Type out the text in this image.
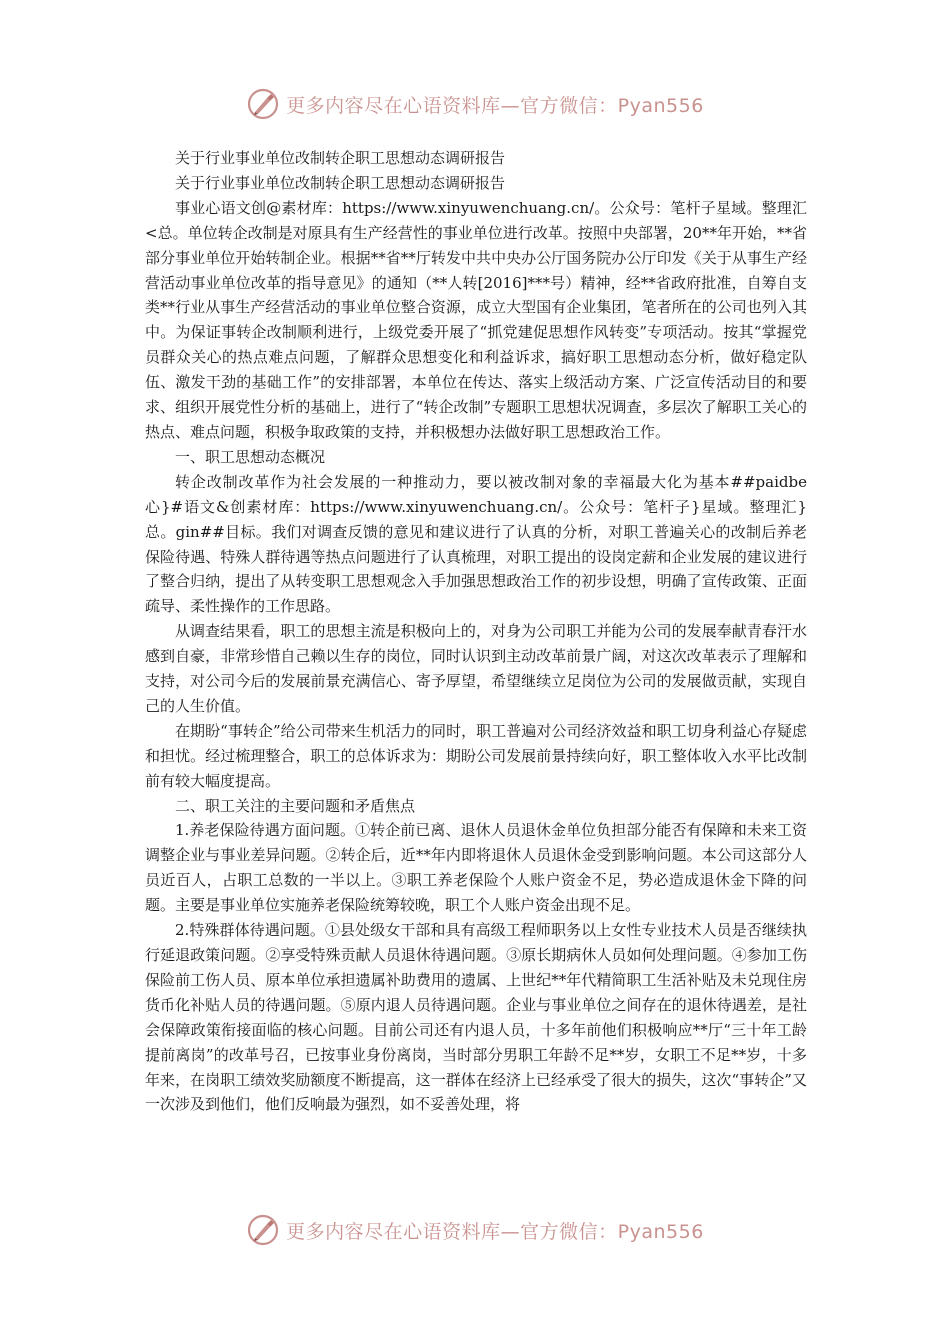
更多内容尽在心语资料库—官方微信：Pyan556

关于行业事业单位改制转企职工思想动态调研报告

关于行业事业单位改制转企职工思想动态调研报告

事业心语文创@素材库：https://www.xinyuwenchuang.cn/。公众号：笔杆子星域。整理汇<总。单位转企改制是对原具有生产经营性的事业单位进行改革。按照中央部署，20**年开始，**省部分事业单位开始转制企业。根据**省**厅转发中共中央办公厅国务院办公厅印发《关于从事生产经营活动事业单位改革的指导意见》的通知（**人转[2016]***号）精神，经**省政府批准，自筹自支类**行业从事生产经营活动的事业单位整合资源，成立大型国有企业集团，笔者所在的公司也列入其中。为保证事转企改制顺利进行，上级党委开展了“抓党建促思想作风转变”专项活动。按其“掌握党员群众关心的热点难点问题，了解群众思想变化和利益诉求，搞好职工思想动态分析，做好稳定队伍、激发干劲的基础工作”的安排部署，本单位在传达、落实上级活动方案、广泛宣传活动目的和要求、组织开展党性分析的基础上，进行了“转企改制”专题职工思想状况调查，多层次了解职工关心的热点、难点问题，积极争取政策的支持，并积极想办法做好职工思想政治工作。

一、职工思想动态概况

转企改制改革作为社会发展的一种推动力，要以被改制对象的幸福最大化为基本##paidbe心}#语文&创素材库：https://www.xinyuwenchuang.cn/。公众号：笔杆子}星域。整理汇}总。gin##目标。我们对调查反馈的意见和建议进行了认真的分析，对职工普遍关心的改制后养老保险待遇、特殊人群待遇等热点问题进行了认真梳理，对职工提出的设岗定薪和企业发展的建议进行了整合归纳，提出了从转变职工思想观念入手加强思想政治工作的初步设想，明确了宣传政策、正面疏导、柔性操作的工作思路。

从调查结果看，职工的思想主流是积极向上的，对身为公司职工并能为公司的发展奉献青春汗水感到自豪，非常珍惜自己赖以生存的岗位，同时认识到主动改革前景广阔，对这次改革表示了理解和支持，对公司今后的发展前景充满信心、寄予厚望，希望继续立足岗位为公司的发展做贡献，实现自己的人生价值。

在期盼“事转企”给公司带来生机活力的同时，职工普遍对公司经济效益和职工切身利益心存疑虑和担忧。经过梳理整合，职工的总体诉求为：期盼公司发展前景持续向好，职工整体收入水平比改制前有较大幅度提高。

二、职工关注的主要问题和矛盾焦点

1.养老保险待遇方面问题。①转企前已离、退休人员退休金单位负担部分能否有保障和未来工资调整企业与事业差异问题。②转企后，近**年内即将退休人员退休金受到影响问题。本公司这部分人员近百人，占职工总数的一半以上。③职工养老保险个人账户资金不足，势必造成退休金下降的问题。主要是事业单位实施养老保险统筹较晚，职工个人账户资金出现不足。

2.特殊群体待遇问题。①县处级女干部和具有高级工程师职务以上女性专业技术人员是否继续执行延退政策问题。②享受特殊贡献人员退休待遇问题。③原长期病休人员如何处理问题。④参加工伤保险前工伤人员、原本单位承担遗属补助费用的遗属、上世纪**年代精简职工生活补贴及未兑现住房货币化补贴人员的待遇问题。⑤原内退人员待遇问题。企业与事业单位之间存在的退休待遇差，是社会保障政策衔接面临的核心问题。目前公司还有内退人员，十多年前他们积极响应**厅“三十年工龄提前离岗”的改革号召，已按事业身份离岗，当时部分男职工年龄不足**岁，女职工不足**岁，十多年来，在岗职工绩效奖励额度不断提高，这一群体在经济上已经承受了很大的损失，这次“事转企”又一次涉及到他们，他们反响最为强烈，如不妥善处理，将

更多内容尽在心语资料库—官方微信：Pyan556
